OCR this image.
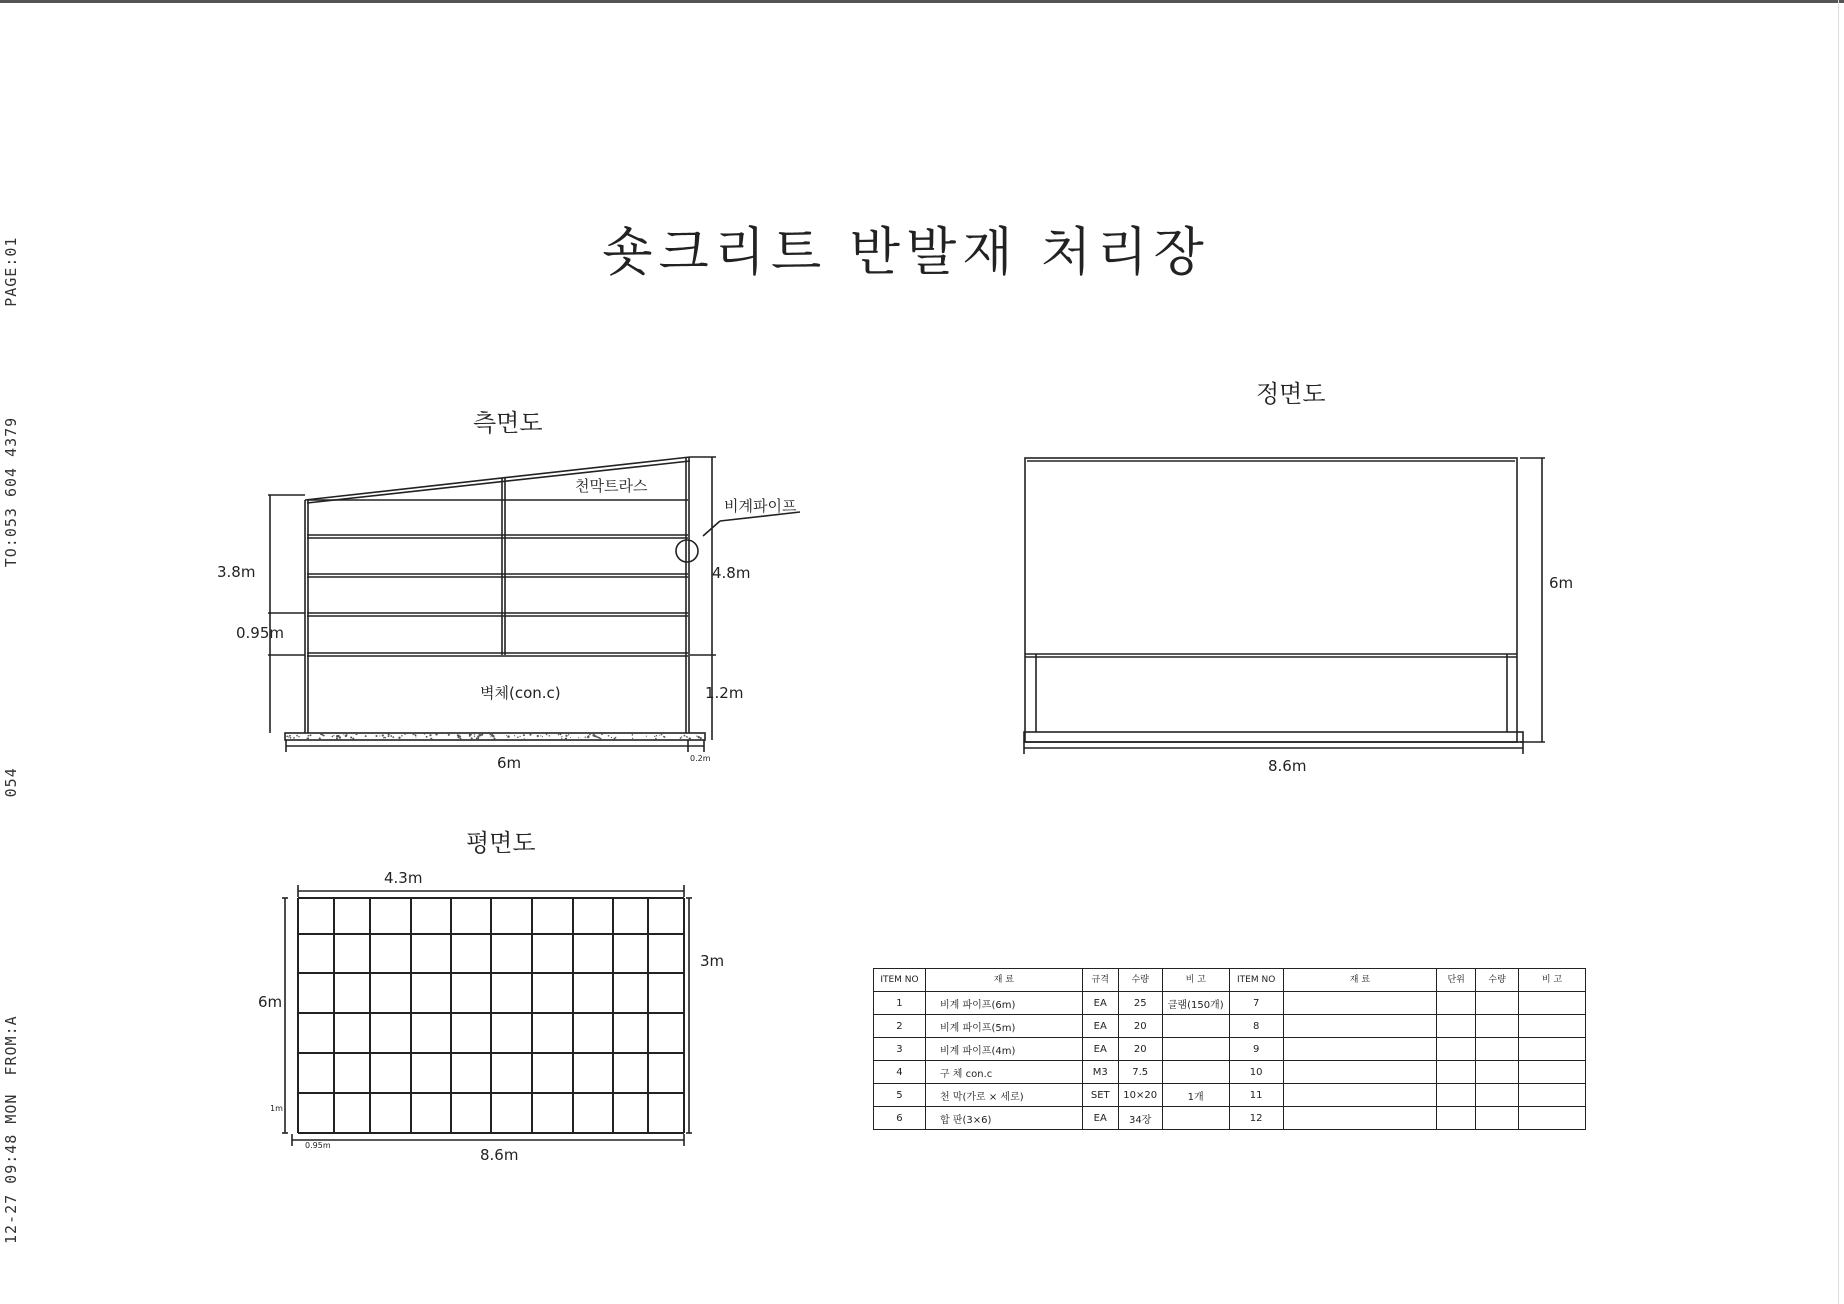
12-27 09:48 MONFROM:A054TO:053 604 4379PAGE:01	숏크리트 반발재 처리장
측면도
정면도
평면도
천막트라스
비계파이프
벽체(con.c)
3.8m	4.8m
0.95m
1.2m
6m	0.2m
6m
8.6m
4.3m
3m
6m
1m
8.6m
0.95m
ITEM NO	재 료	규격	수량	비 고	ITEM NO	재 료	단위	수량	비 고
1	비계 파이프(6m)	EA	25	클램(150개)	7				
2	비계 파이프(5m)	EA	20		8				
3	비계 파이프(4m)	EA	20		9				
4	구 체 con.c	M3	7.5		10				
5	천 막(가로 × 세로)	SET	10×20	1개	11				
6	합 판(3×6)	EA	34장		12				
